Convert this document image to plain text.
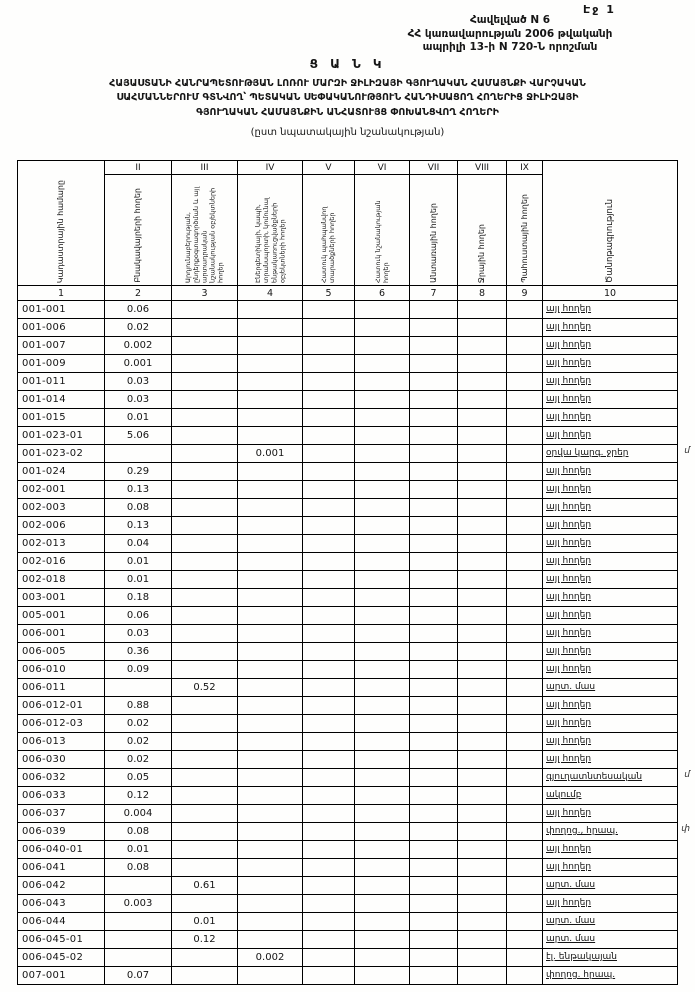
Էջ 1
Հավելված N 6
ՀՀ կառավարության 2006 թվականի
ապրիլի 13-ի N 720-Ն որոշման
Ց Ա Ն Կ
ՀԱՅԱՍՏԱՆԻ ՀԱՆՐԱՊԵՏՈՒԹՅԱՆ ԼՈՌՈՒ ՄԱՐԶԻ ՋԻԼԻԶԱՅԻ ԳՅՈՒՂԱԿԱՆ ՀԱՄԱՅՆՔԻ ՎԱՐՉԱԿԱՆ
ՍԱՀՄԱՆՆԵՐՈՒՄ ԳՏՆՎՈՂ՝ ՊԵՏԱԿԱՆ ՍԵՓԱԿԱՆՈՒԹՅՈՒՆ ՀԱՆԴԻՍԱՑՈՂ ՀՈՂԵՐԻՑ ՋԻԼԻԶԱՅԻ
ԳՅՈՒՂԱԿԱՆ ՀԱՄԱՅՆՔԻՆ ԱՆՀԱՏՈՒՅՑ ՓՈԽԱՆՑՎՈՂ ՀՈՂԵՐԻ
(ըստ նպատակային նշանակության)
Կադաստրային համարը	II	III	IV	V	VI	VII	VIII	IX	Ծանոթագրություն

	Բնակավայրերի հողեր	Արդյունաբերության, ընդերքօգտագործման և այլ արտադրական նշանակության օբյեկտների հողեր	Էներգետիկայի, կապի, տրանսպորտի, կոմունալ ենթակառուցվածքների օբյեկտների հողեր	Հատուկ պահպանվող տարածքների հողեր	Հատուկ նշանակության հողեր	Անտառային հողեր	Ջրային հողեր	Պահուստային հողեր	

1	2	3	4	5	6	7	8	9	10
001-001	0.06								այլ հողեր
001-006	0.02								այլ հողեր
001-007	0.002								այլ հողեր
001-009	0.001								այլ հողեր
001-011	0.03								այլ հողեր
001-014	0.03								այլ հողեր
001-015	0.01								այլ հողեր
001-023-01	5.06								այլ հողեր
001-023-02			0.001						օրվա կարգ. ջրեր մ

001-024	0.29								այլ հողեր
002-001	0.13								այլ հողեր
002-003	0.08								այլ հողեր
002-006	0.13								այլ հողեր
002-013	0.04								այլ հողեր
002-016	0.01								այլ հողեր
002-018	0.01								այլ հողեր
003-001	0.18								այլ հողեր
005-001	0.06								այլ հողեր
006-001	0.03								այլ հողեր
006-005	0.36								այլ հողեր
006-010	0.09								այլ հողեր
006-011		0.52							արտ. մաս
006-012-01	0.88								այլ հողեր
006-012-03	0.02								այլ հողեր
006-013	0.02								այլ հողեր
006-030	0.02								այլ հողեր
006-032	0.05								գյուղատնտեսական մ

006-033	0.12								ակումբ
006-037	0.004								այլ հողեր
006-039	0.08								փողոց., հրապ. փ

006-040-01	0.01								այլ հողեր
006-041	0.08								այլ հողեր
006-042		0.61							արտ. մաս
006-043	0.003								այլ հողեր
006-044		0.01							արտ. մաս
006-045-01		0.12							արտ. մաս
006-045-02			0.002						էլ. ենթակայան
007-001	0.07								փողոց. հրապ.
